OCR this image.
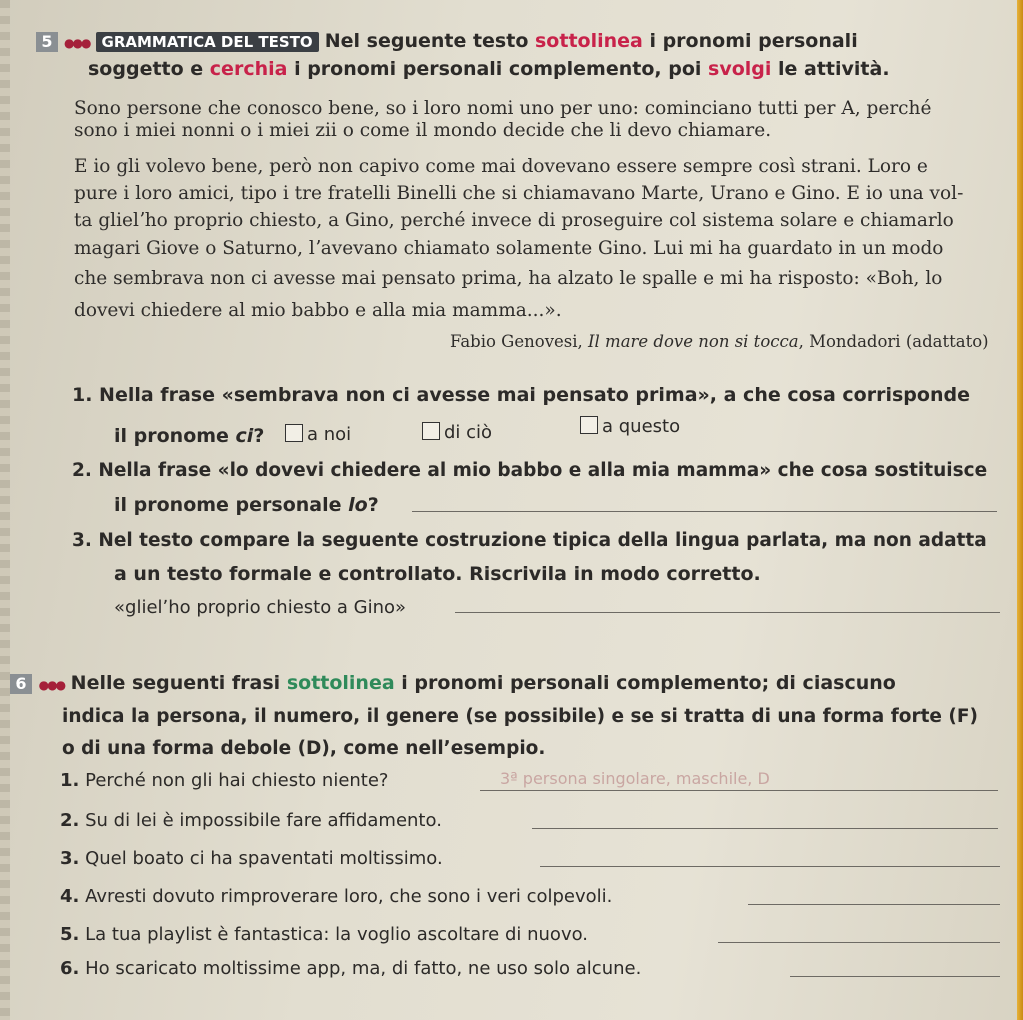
5 ●●● GRAMMATICA DEL TESTO Nel seguente testo sottolinea i pronomi personali
soggetto e cerchia i pronomi personali complemento, poi svolgi le attività.
Sono persone che conosco bene, so i loro nomi uno per uno: cominciano tutti per A, perché
sono i miei nonni o i miei zii o come il mondo decide che li devo chiamare.
E io gli volevo bene, però non capivo come mai dovevano essere sempre così strani. Loro e
pure i loro amici, tipo i tre fratelli Binelli che si chiamavano Marte, Urano e Gino. E io una vol-
ta glielʼho proprio chiesto, a Gino, perché invece di proseguire col sistema solare e chiamarlo
magari Giove o Saturno, lʼavevano chiamato solamente Gino. Lui mi ha guardato in un modo
che sembrava non ci avesse mai pensato prima, ha alzato le spalle e mi ha risposto: «Boh, lo
dovevi chiedere al mio babbo e alla mia mamma...».
Fabio Genovesi, Il mare dove non si tocca, Mondadori (adattato)
1. Nella frase «sembrava non ci avesse mai pensato prima», a che cosa corrisponde
il pronome ci?	a noi	di ciò	a questo
2. Nella frase «lo dovevi chiedere al mio babbo e alla mia mamma» che cosa sostituisce
il pronome personale lo?
3. Nel testo compare la seguente costruzione tipica della lingua parlata, ma non adatta
a un testo formale e controllato. Riscrivila in modo corretto.
«glielʼho proprio chiesto a Gino»
6 ●●● Nelle seguenti frasi sottolinea i pronomi personali complemento; di ciascuno
indica la persona, il numero, il genere (se possibile) e se si tratta di una forma forte (F)
o di una forma debole (D), come nellʼesempio.
1. Perché non gli hai chiesto niente?	3ª persona singolare, maschile, D
2. Su di lei è impossibile fare affidamento.
3. Quel boato ci ha spaventati moltissimo.
4. Avresti dovuto rimproverare loro, che sono i veri colpevoli.
5. La tua playlist è fantastica: la voglio ascoltare di nuovo.
6. Ho scaricato moltissime app, ma, di fatto, ne uso solo alcune.
